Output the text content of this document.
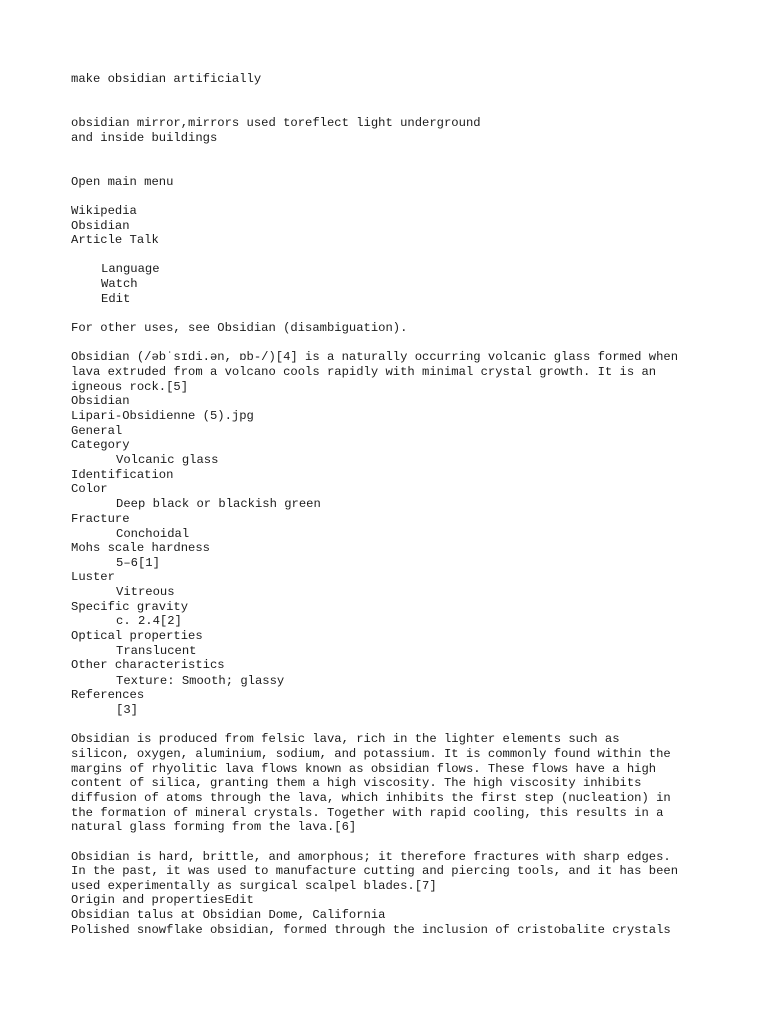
make obsidian artificially
obsidian mirror,mirrors used toreflect light underground
and inside buildings
Open main menu
Wikipedia
Obsidian
Article Talk
Language
Watch
Edit
For other uses, see Obsidian (disambiguation).
Obsidian (/əbˈsɪdi.ən, ɒb-/)[4] is a naturally occurring volcanic glass formed when
lava extruded from a volcano cools rapidly with minimal crystal growth. It is an
igneous rock.[5]
Obsidian
Lipari-Obsidienne (5).jpg
General
Category
Volcanic glass
Identification
Color
Deep black or blackish green
Fracture
Conchoidal
Mohs scale hardness
5–6[1]
Luster
Vitreous
Specific gravity
c. 2.4[2]
Optical properties
Translucent
Other characteristics
Texture: Smooth; glassy
References
[3]
Obsidian is produced from felsic lava, rich in the lighter elements such as
silicon, oxygen, aluminium, sodium, and potassium. It is commonly found within the
margins of rhyolitic lava flows known as obsidian flows. These flows have a high
content of silica, granting them a high viscosity. The high viscosity inhibits
diffusion of atoms through the lava, which inhibits the first step (nucleation) in
the formation of mineral crystals. Together with rapid cooling, this results in a
natural glass forming from the lava.[6]
Obsidian is hard, brittle, and amorphous; it therefore fractures with sharp edges.
In the past, it was used to manufacture cutting and piercing tools, and it has been
used experimentally as surgical scalpel blades.[7]
Origin and propertiesEdit
Obsidian talus at Obsidian Dome, California
Polished snowflake obsidian, formed through the inclusion of cristobalite crystals
